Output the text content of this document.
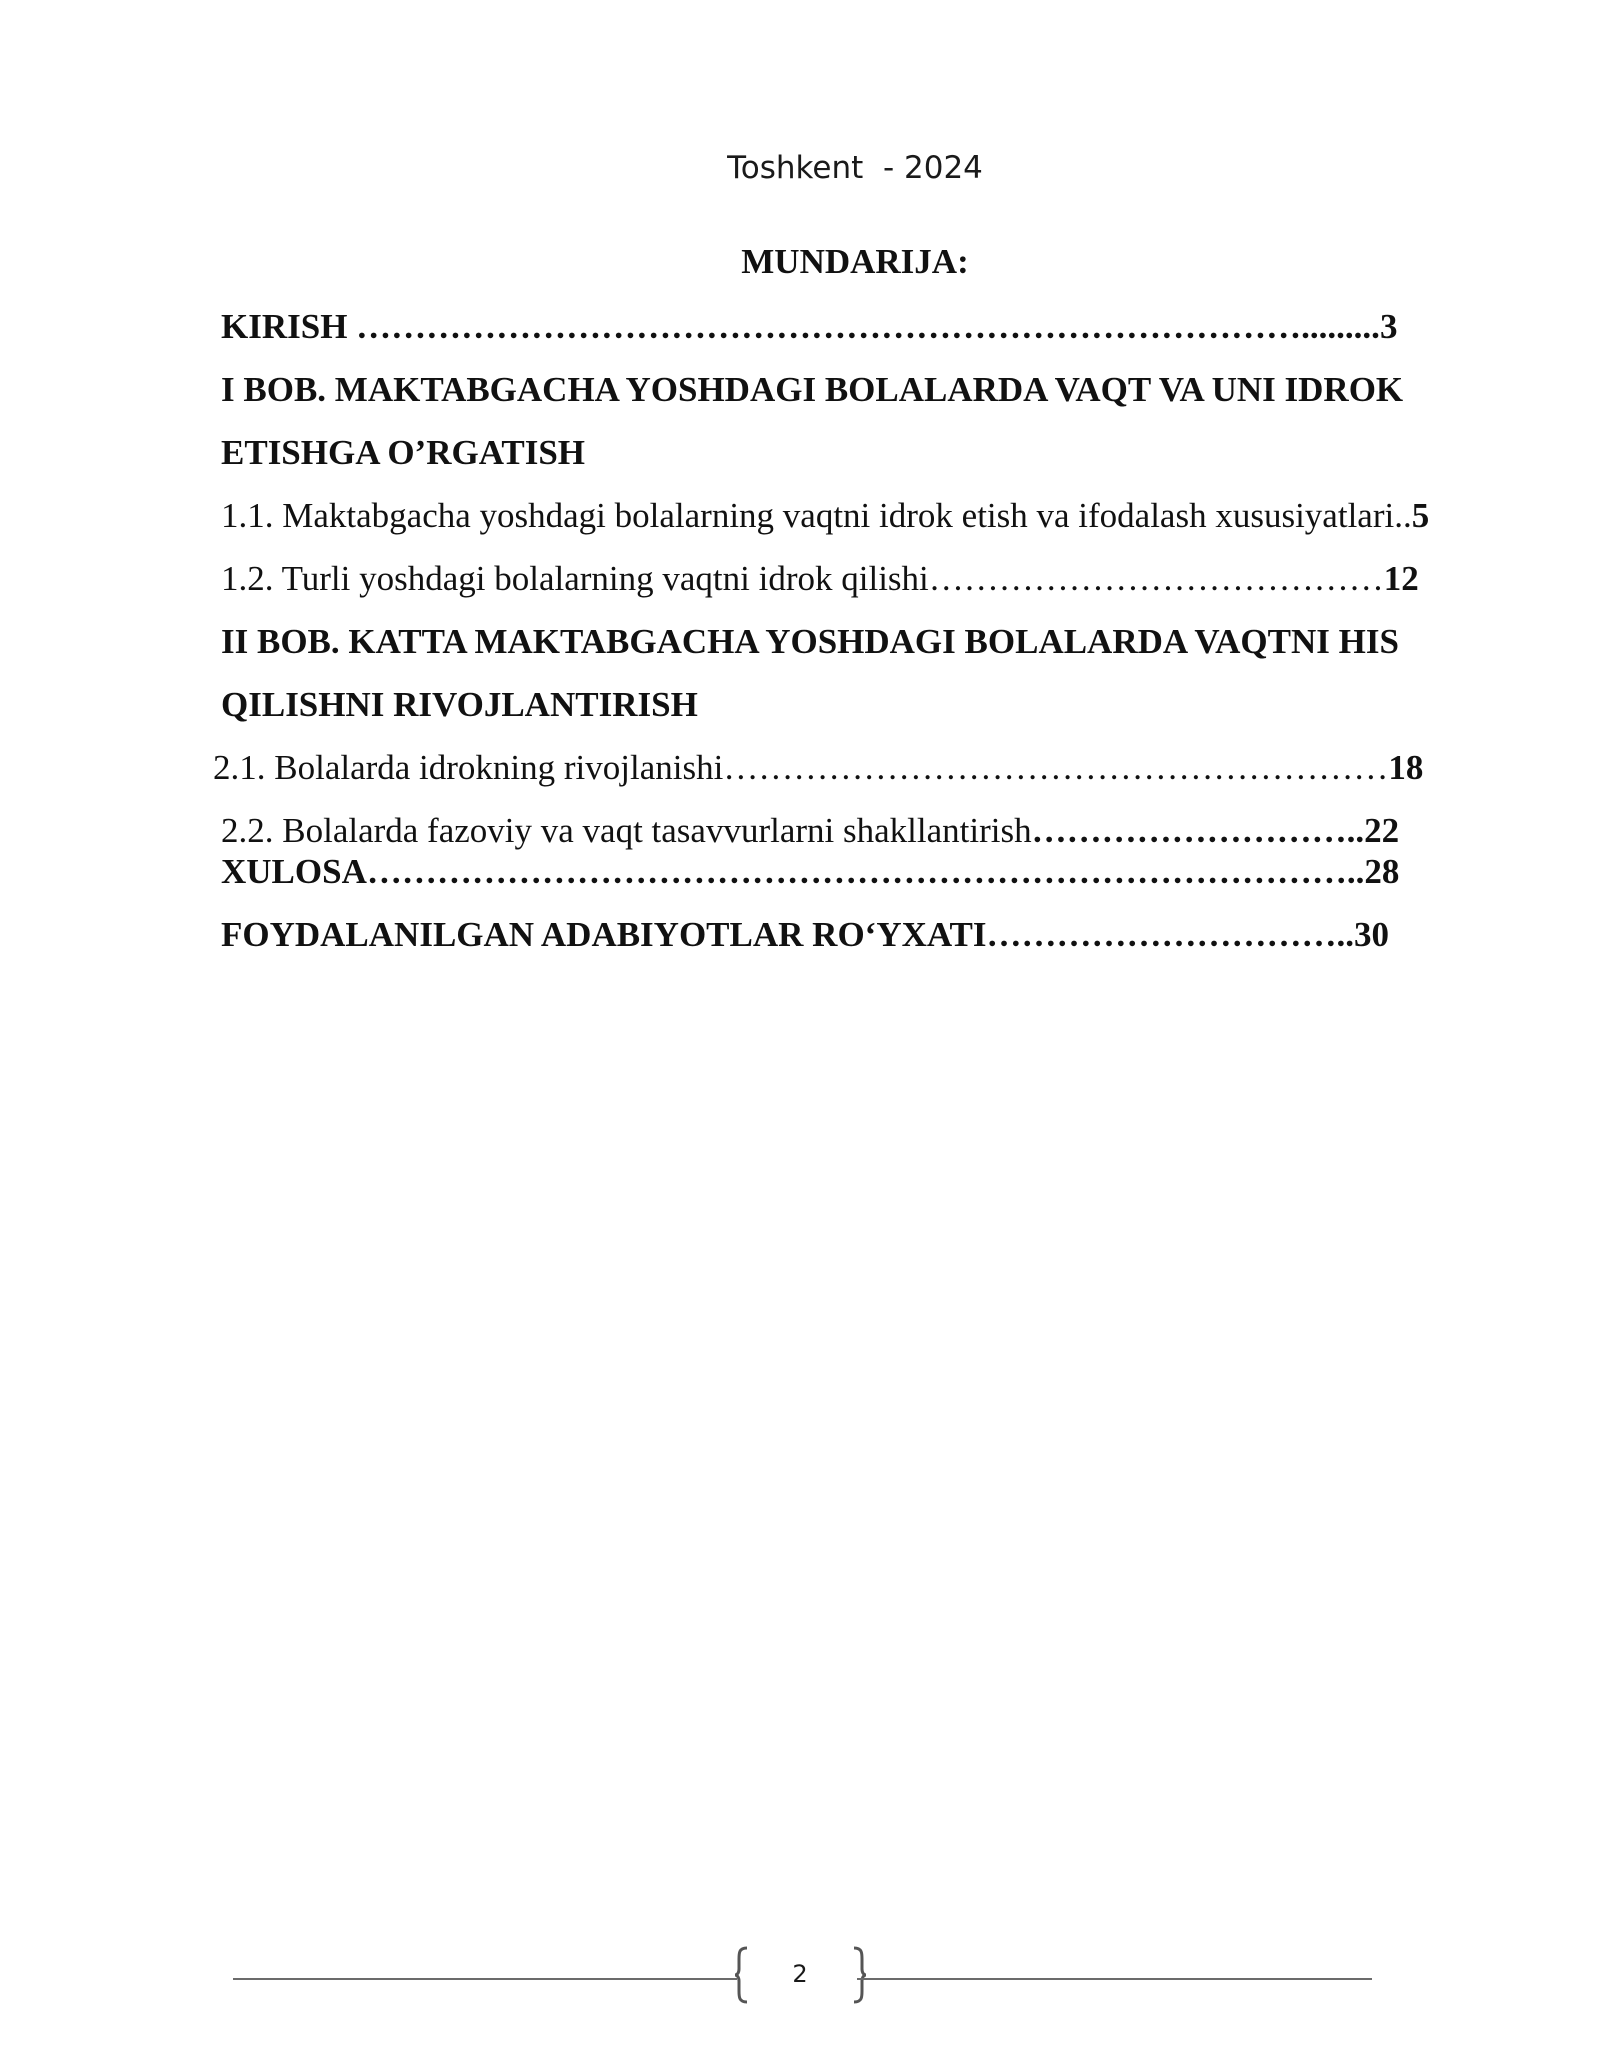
Toshkent  - 2024
MUNDARIJA:
KIRISH ……………………………………………………………………….........3
I BOB. MAKTABGACHA YOSHDAGI BOLALARDA VAQT VA UNI IDROK
ETISHGA O’RGATISH
1.1. Maktabgacha yoshdagi bolalarning vaqtni idrok etish va ifodalash xususiyatlari..5
1.2. Turli yoshdagi bolalarning vaqtni idrok qilishi…………………………………12
II BOB. KATTA MAKTABGACHA YOSHDAGI BOLALARDA VAQTNI HIS
QILISHNI RIVOJLANTIRISH
2.1. Bolalarda idrokning rivojlanishi…………………………………………………18
2.2. Bolalarda fazoviy va vaqt tasavvurlarni shakllantirish………………………..22
XULOSA…………………………………………………………………………..28
FOYDALANILGAN ADABIYOTLAR RO‘YXATI…………………………..30
2
